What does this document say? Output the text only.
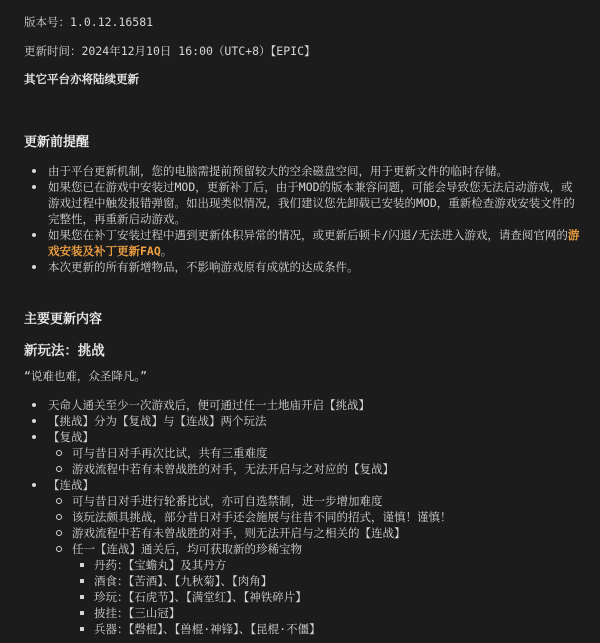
版本号：1.0.12.16581

更新时间：2024年12月10日 16:00（UTC+8）【EPIC】

其它平台亦将陆续更新

更新前提醒
由于平台更新机制，您的电脑需提前预留较大的空余磁盘空间，用于更新文件的临时存储。
如果您已在游戏中安装过MOD，更新补丁后，由于MOD的版本兼容问题，可能会导致您无法启动游戏，或游戏过程中触发报错弹窗。如出现类似情况，我们建议您先卸载已安装的MOD，重新检查游戏安装文件的完整性，再重新启动游戏。
如果您在补丁安装过程中遇到更新体积异常的情况，或更新后顿卡/闪退/无法进入游戏，请查阅官网的游戏安装及补丁更新FAQ。
本次更新的所有新增物品，不影响游戏原有成就的达成条件。
主要更新内容
新玩法：挑战

“说难也难，众圣降凡。”

天命人通关至少一次游戏后，便可通过任一土地庙开启【挑战】
【挑战】分为【复战】与【连战】两个玩法
【复战】
可与昔日对手再次比试，共有三重难度
游戏流程中若有未曾战胜的对手，无法开启与之对应的【复战】
【连战】
可与昔日对手进行轮番比试，亦可自选禁制，进一步增加难度
该玩法颇具挑战，部分昔日对手还会施展与往昔不同的招式，谨慎！谨慎！
游戏流程中若有未曾战胜的对手，则无法开启与之相关的【连战】
任一【连战】通关后，均可获取新的珍稀宝物
丹药：【宝蟾丸】及其丹方
酒食：【苦酒】、【九秋菊】、【肉角】
珍玩：【石虎节】、【满堂红】、【神铁碎片】
披挂：【三山冠】
兵器：【磬棍】、【兽棍·神锋】、【昆棍·不僵】
